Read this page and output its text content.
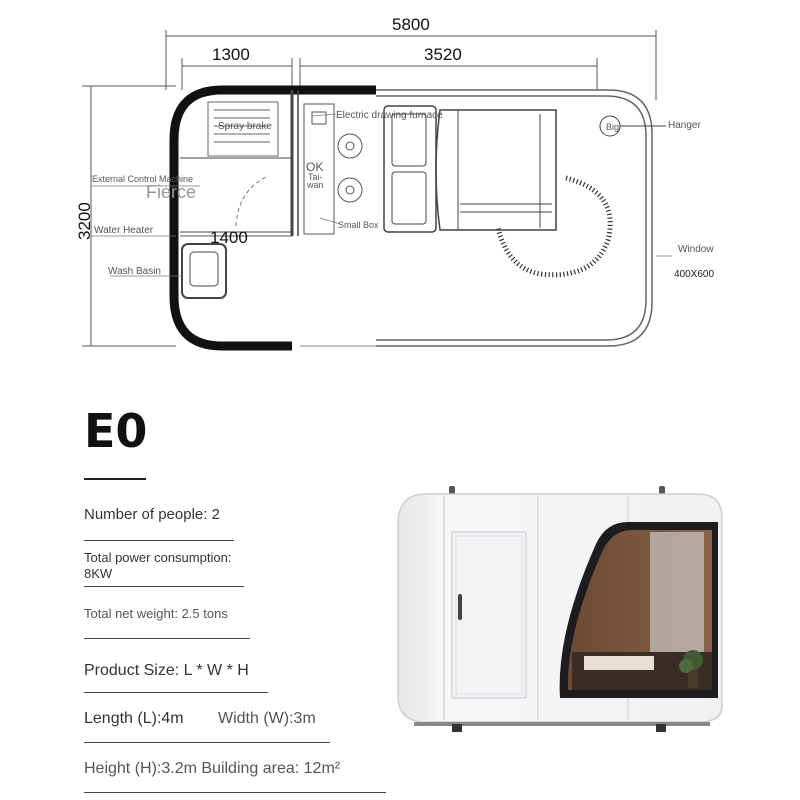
5800
1300	3520
3200	1400
Spray brake
Electric drawing furnace
Hanger
Big
External Control Machine
Fierce
OK
Tai-
wan
Water Heater	Small Box
Window
400X600
Wash Basin
E0
Number of people: 2
Total power consumption:
8KW
Total net weight: 2.5 tons
Product Size: L * W * H
Length (L):4m Width (W):3m
Height (H):3.2m Building area: 12m²
